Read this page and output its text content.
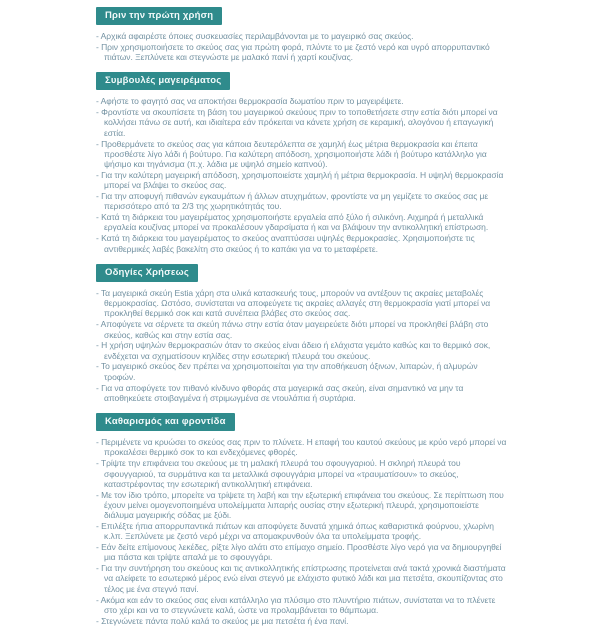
Πριν την πρώτη χρήση
- Αρχικά αφαιρέστε όποιες συσκευασίες περιλαμβάνονται με το μαγειρικό σας σκεύος.
- Πριν χρησιμοποιήσετε το σκεύος σας για πρώτη φορά, πλύντε το με ζεστό νερό και υγρό απορρυπαντικό πιάτων. Ξεπλύνετε και στεγνώστε με μαλακό πανί ή χαρτί κουζίνας.
Συμβουλές μαγειρέματος
- Αφήστε το φαγητό σας να αποκτήσει θερμοκρασία δωματίου πριν το μαγειρέψετε.
- Φροντίστε να σκουπίσετε τη βάση του μαγειρικού σκεύους πριν το τοποθετήσετε στην εστία διότι μπορεί να κολλήσει πάνω σε αυτή, και ιδιαίτερα εάν πρόκειται να κάνετε χρήση σε κεραμική, αλογόνου ή επαγωγική εστία.
- Προθερμάνετε το σκεύος σας για κάποια δευτερόλεπτα σε χαμηλή έως μέτρια θερμοκρασία και έπειτα προσθέστε λίγο λάδι ή βούτυρο. Για καλύτερη απόδοση, χρησιμοποιήστε λάδι ή βούτυρο κατάλληλο για ψήσιμο και τηγάνισμα (π.χ. λάδια με υψηλό σημείο καπνού).
- Για την καλύτερη μαγειρική απόδοση, χρησιμοποιείστε χαμηλή ή μέτρια θερμοκρασία. Η υψηλή θερμοκρασία μπορεί να βλάψει το σκεύος σας.
- Για την αποφυγή πιθανών εγκαυμάτων ή άλλων ατυχημάτων, φροντίστε να μη γεμίζετε το σκεύος σας με περισσότερο από τα 2/3 της χωρητικότητάς του.
- Κατά τη διάρκεια του μαγειρέματος χρησιμοποιήστε εργαλεία από ξύλο ή σιλικόνη. Αιχμηρά ή μεταλλικά εργαλεία κουζίνας μπορεί να προκαλέσουν γδαρσίματα ή και να βλάψουν την αντικολλητική επίστρωση.
- Κατά τη διάρκεια του μαγειρέματος το σκεύος αναπτύσσει υψηλές θερμοκρασίες. Χρησιμοποιήστε τις αντιθερμικές λαβές βακελίτη στο σκεύος ή το καπάκι για να το μεταφέρετε.
Οδηγίες Χρήσεως
- Τα μαγειρικά σκεύη Estia χάρη στα υλικά κατασκευής τους, μπορούν να αντέξουν τις ακραίες μεταβολές θερμοκρασίας. Ωστόσο, συνίσταται να αποφεύγετε τις ακραίες αλλαγές στη θερμοκρασία γιατί μπορεί να προκληθεί θερμικό σοκ και κατά συνέπεια βλάβες στο σκεύος σας.
- Αποφύγετε να σέρνετε τα σκεύη πάνω στην εστία όταν μαγειρεύετε διότι μπορεί να προκληθεί βλάβη στο σκεύος, καθώς και στην εστία σας.
- Η χρήση υψηλών θερμοκρασιών όταν το σκεύος είναι άδειο ή ελάχιστα γεμάτο καθώς και το θερμικό σοκ, ενδέχεται να σχηματίσουν κηλίδες στην εσωτερική πλευρά του σκεύους.
- Το μαγειρικό σκεύος δεν πρέπει να χρησιμοποιείται για την αποθήκευση όξινων, λιπαρών, ή αλμυρών τροφών.
- Για να αποφύγετε τον πιθανό κίνδυνο φθοράς στα μαγειρικά σας σκεύη, είναι σημαντικό να μην τα αποθηκεύετε στοιβαγμένα ή στριμωγμένα σε ντουλάπια ή συρτάρια.
Καθαρισμός και φροντίδα
- Περιμένετε να κρυώσει το σκεύος σας πριν το πλύνετε. Η επαφή του καυτού σκεύους με κρύο νερό μπορεί να προκαλέσει θερμικό σοκ το και ενδεχόμενες φθορές.
- Τρίψτε την επιφάνεια του σκεύους με τη μαλακή πλευρά του σφουγγαριού. Η σκληρή πλευρά του σφουγγαριού, τα συρμάτινα και τα μεταλλικά σφουγγάρια μπορεί να «τραυματίσουν» το σκεύος, καταστρέφοντας την εσωτερική αντικολλητική επιφάνεια.
- Με τον ίδιο τρόπο, μπορείτε να τρίψετε τη λαβή και την εξωτερική επιφάνεια του σκεύους. Σε περίπτωση που έχουν μείνει ομογενοποιημένα υπολείμματα λιπαρής ουσίας στην εξωτερική πλευρά, χρησιμοποιείστε διάλυμα μαγειρικής σόδας με ξύδι.
- Επιλέξτε ήπια απορρυπαντικά πιάτων και αποφύγετε δυνατά χημικά όπως καθαριστικά φούρνου, χλωρίνη κ.λπ. Ξεπλύνετε με ζεστό νερό μέχρι να απομακρυνθούν όλα τα υπολείμματα τροφής.
- Εάν δείτε επίμονους λεκέδες, ρίξτε λίγο αλάτι στο επίμαχο σημείο. Προσθέστε λίγο νερό για να δημιουργηθεί μια πάστα και τρίψτε απαλά με το σφουγγάρι.
- Για την συντήρηση του σκεύους και τις αντικολλητικής επίστρωσης προτείνεται ανά τακτά χρονικά διαστήματα να αλείφετε το εσωτερικό μέρος ενώ είναι στεγνό με ελάχιστο φυτικό λάδι και μια πετσέτα, σκουπίζοντας στο τέλος με ένα στεγνό πανί.
- Ακόμα και εάν το σκεύος σας είναι κατάλληλο για πλύσιμο στο πλυντήριο πιάτων, συνίσταται να το πλένετε στο χέρι και να το στεγνώνετε καλά, ώστε να προλαμβάνεται το θάμπωμα.
- Στεγνώνετε πάντα πολύ καλά το σκεύος με μια πετσέτα ή ένα πανί.
